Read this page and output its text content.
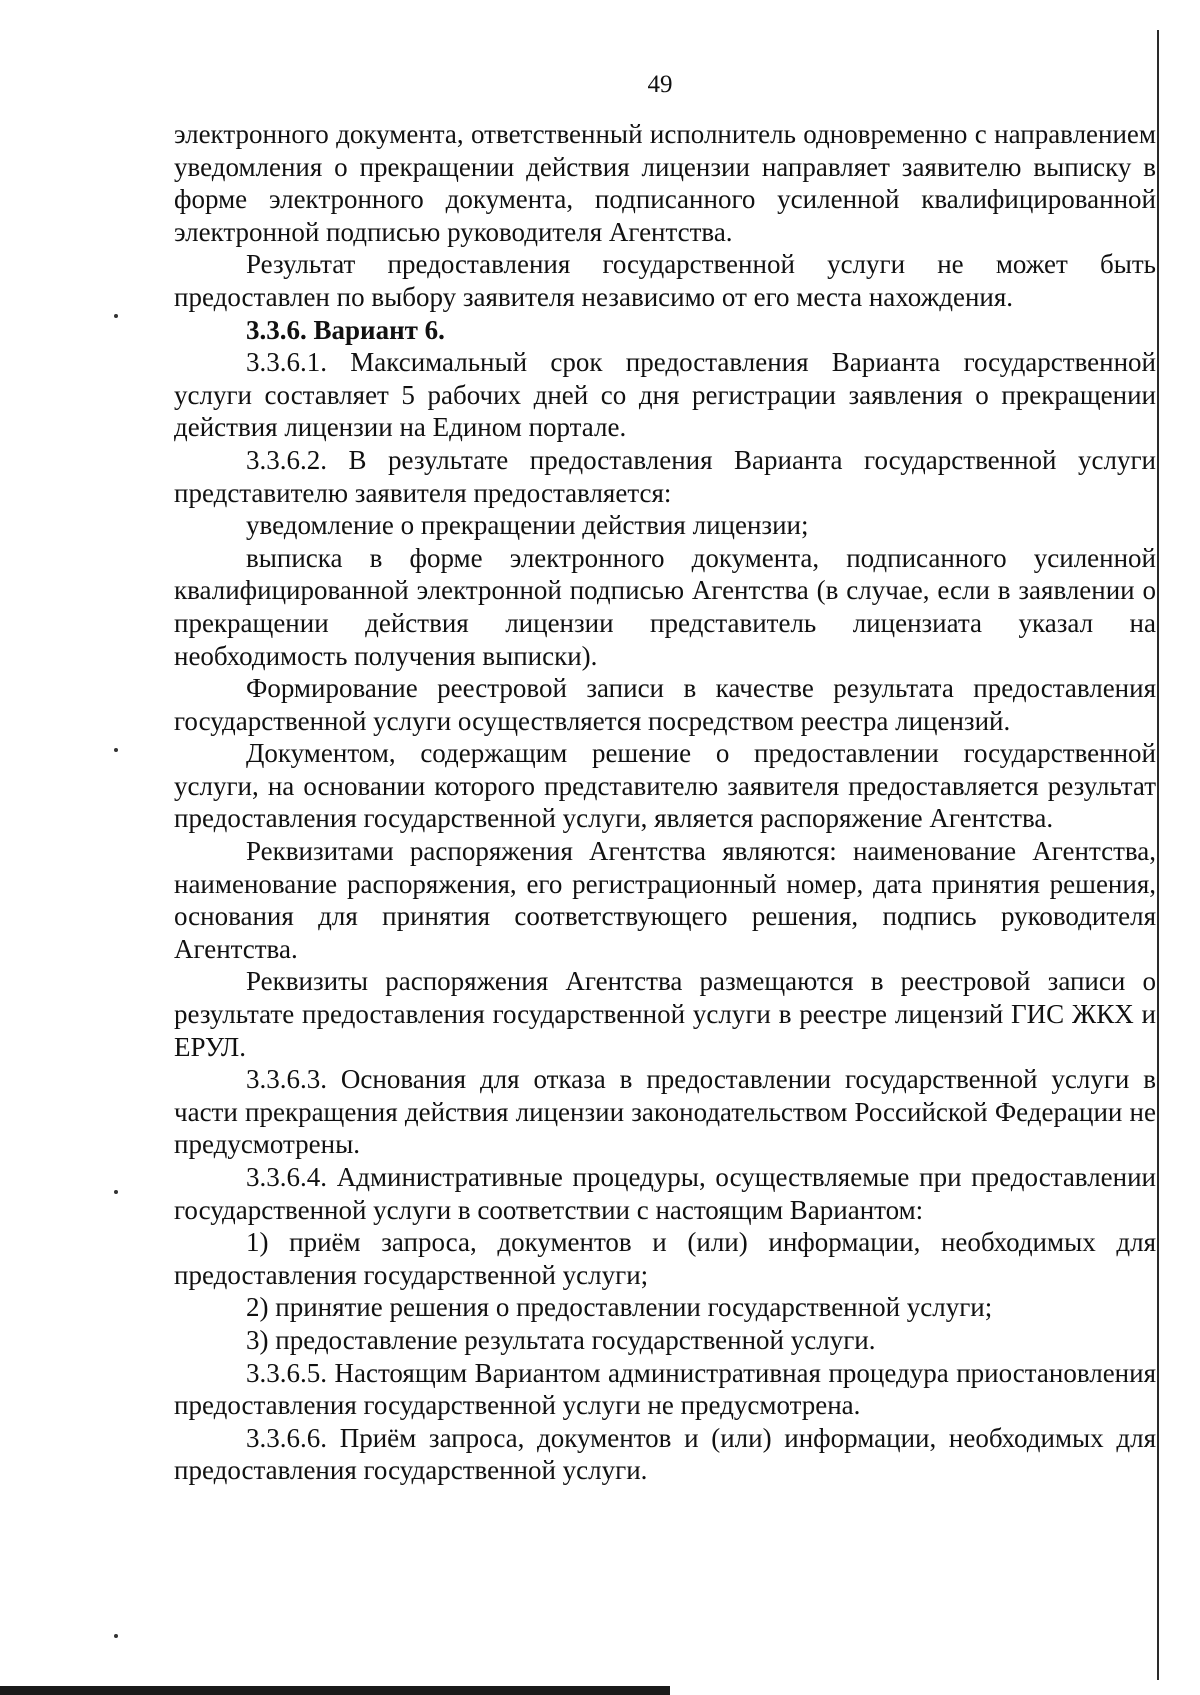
49

электронного документа, ответственный исполнитель одновременно с направлением уведомления о прекращении действия лицензии направляет заявителю выписку в форме электронного документа, подписанного усиленной квалифицированной электронной подписью руководителя Агентства.

Результат предоставления государственной услуги не может быть предоставлен по выбору заявителя независимо от его места нахождения.

3.3.6. Вариант 6.

3.3.6.1. Максимальный срок предоставления Варианта государственной услуги составляет 5 рабочих дней со дня регистрации заявления о прекращении действия лицензии на Едином портале.

3.3.6.2. В результате предоставления Варианта государственной услуги представителю заявителя предоставляется:

уведомление о прекращении действия лицензии;

выписка в форме электронного документа, подписанного усиленной квалифицированной электронной подписью Агентства (в случае, если в заявлении о прекращении действия лицензии представитель лицензиата указал на необходимость получения выписки).

Формирование реестровой записи в качестве результата предоставления государственной услуги осуществляется посредством реестра лицензий.

Документом, содержащим решение о предоставлении государственной услуги, на основании которого представителю заявителя предоставляется результат предоставления государственной услуги, является распоряжение Агентства.

Реквизитами распоряжения Агентства являются: наименование Агентства, наименование распоряжения, его регистрационный номер, дата принятия решения, основания для принятия соответствующего решения, подпись руководителя Агентства.

Реквизиты распоряжения Агентства размещаются в реестровой записи о результате предоставления государственной услуги в реестре лицензий ГИС ЖКХ и ЕРУЛ.

3.3.6.3. Основания для отказа в предоставлении государственной услуги в части прекращения действия лицензии законодательством Российской Федерации не предусмотрены.

3.3.6.4. Административные процедуры, осуществляемые при предоставлении государственной услуги в соответствии с настоящим Вариантом:

1) приём запроса, документов и (или) информации, необходимых для предоставления государственной услуги;

2) принятие решения о предоставлении государственной услуги;

3) предоставление результата государственной услуги.

3.3.6.5. Настоящим Вариантом административная процедура приостановления предоставления государственной услуги не предусмотрена.

3.3.6.6. Приём запроса, документов и (или) информации, необходимых для предоставления государственной услуги.
